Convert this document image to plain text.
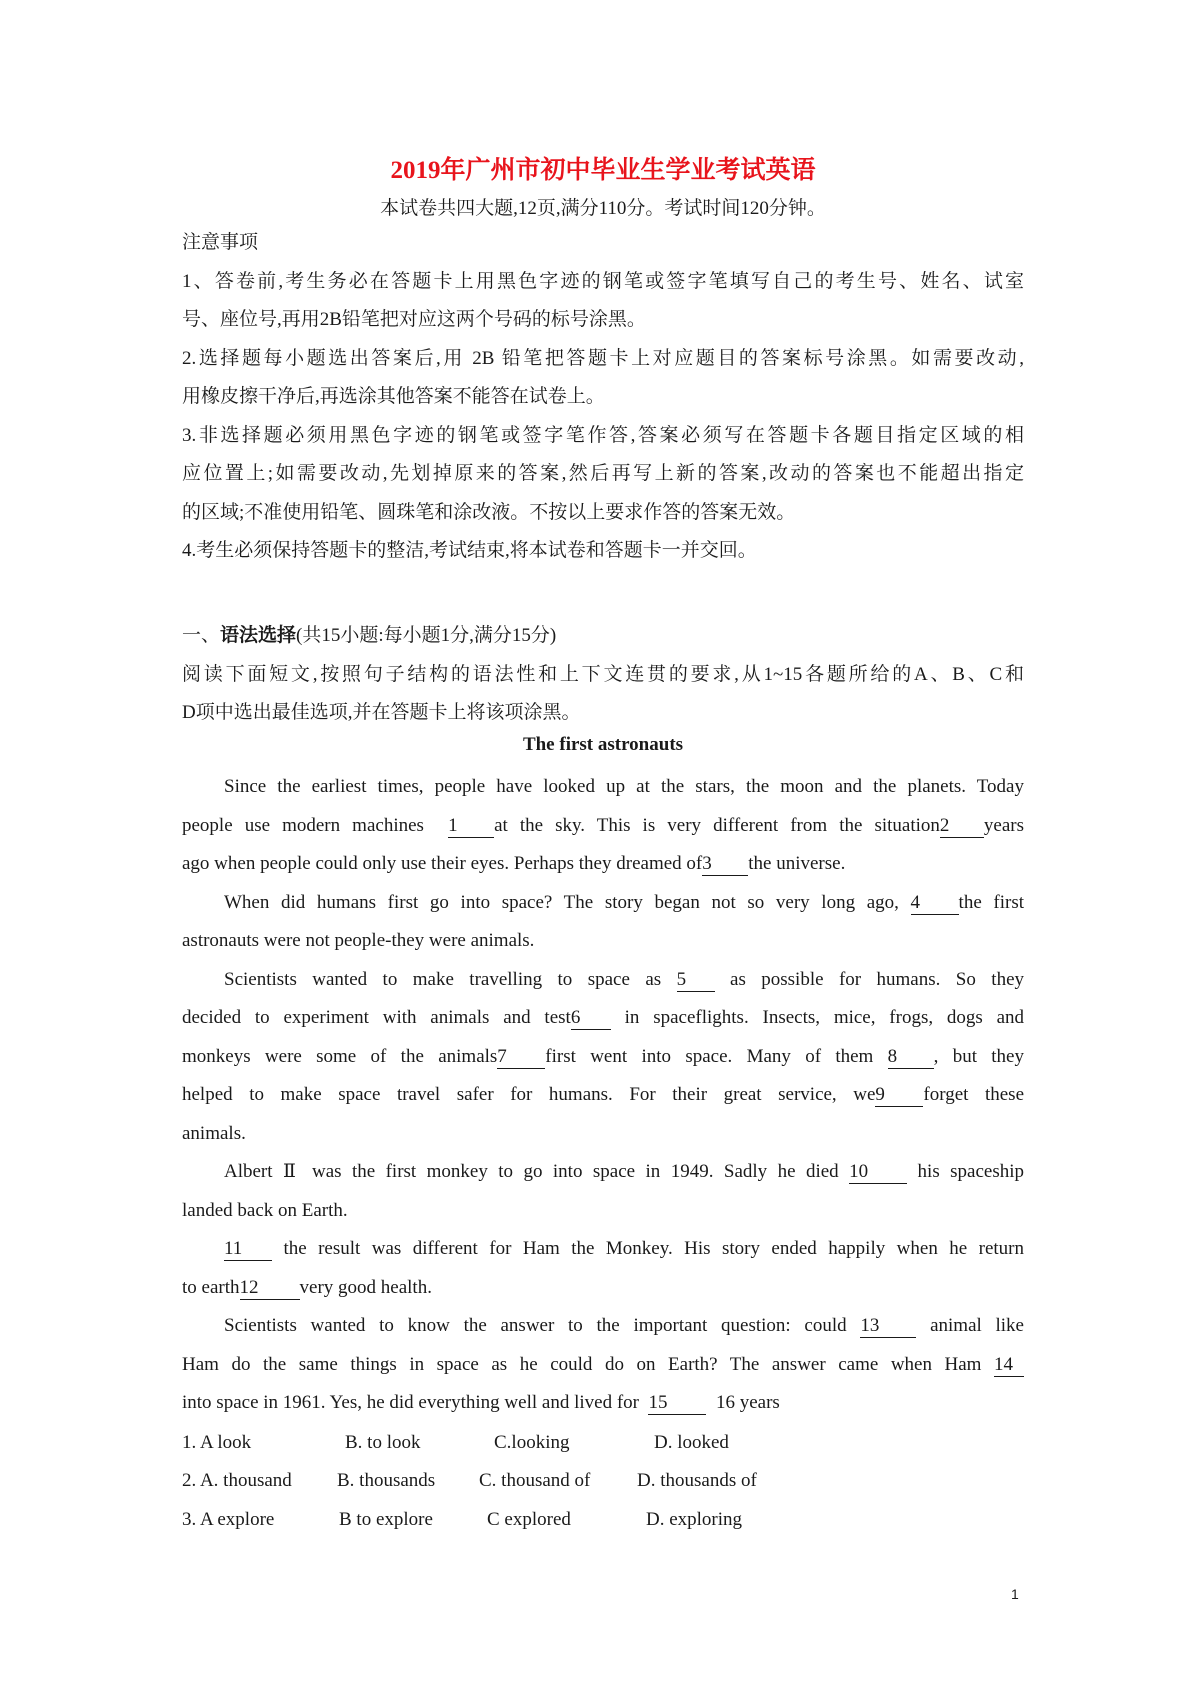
2019年广州市初中毕业生学业考试英语
本试卷共四大题,12页,满分110分。考试时间120分钟。
注意事项
1、答卷前,考生务必在答题卡上用黑色字迹的钢笔或签字笔填写自己的考生号、姓名、试室
号、座位号,再用2B铅笔把对应这两个号码的标号涂黑。
2.选择题每小题选出答案后,用 2B 铅笔把答题卡上对应题目的答案标号涂黑。如需要改动,
用橡皮擦干净后,再选涂其他答案不能答在试卷上。
3.非选择题必须用黑色字迹的钢笔或签字笔作答,答案必须写在答题卡各题目指定区域的相
应位置上;如需要改动,先划掉原来的答案,然后再写上新的答案,改动的答案也不能超出指定
的区域;不准使用铅笔、圆珠笔和涂改液。不按以上要求作答的答案无效。
4.考生必须保持答题卡的整洁,考试结束,将本试卷和答题卡一并交回。
一、语法选择(共15小题:每小题1分,满分15分)
阅读下面短文,按照句子结构的语法性和上下文连贯的要求,从1~15各题所给的A、B、C和
D项中选出最佳选项,并在答题卡上将该项涂黑。
The first astronauts
Since the earliest times, people have looked up at the stars, the moon and the planets. Today
people use modern machines 1 at the sky. This is very different from the situation2 years
ago when people could only use their eyes. Perhaps they dreamed of3 the universe.
When did humans first go into space? The story began not so very long ago, 4 the first
astronauts were not people-they were animals.
Scientists wanted to make travelling to space as 5 as possible for humans. So they
decided to experiment with animals and test6 in spaceflights. Insects, mice, frogs, dogs and
monkeys were some of the animals7 first went into space. Many of them 8 , but they
helped to make space travel safer for humans. For their great service, we9 forget these
animals.
Albert Ⅱ was the first monkey to go into space in 1949. Sadly he died 10	his spaceship
landed back on Earth.
11 the result was different for Ham the Monkey. His story ended happily when he return
to earth12 very good health.
Scientists wanted to know the answer to the important question: could 13	animal like
Ham do the same things in space as he could do on Earth? The answer came when Ham 14
into space in 1961. Yes, he did everything well and lived for 15	16 years
1. A look	B. to look	C.looking	D. looked
2. A. thousand B. thousands C. thousand of D. thousands of
3. A explore	B to explore	C explored	D. exploring
1
